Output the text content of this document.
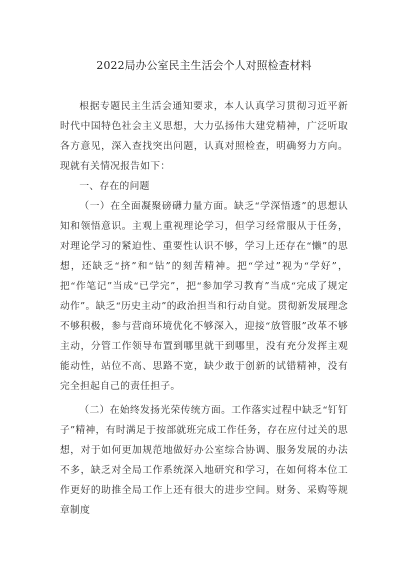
2022局办公室民主生活会个人对照检查材料

根据专题民主生活会通知要求，本人认真学习贯彻习近平新时代中国特色社会主义思想，大力弘扬伟大建党精神，广泛听取各方意见，深入查找突出问题，认真对照检查，明确努力方向。现就有关情况报告如下：

一、存在的问题

（一）在全面凝聚磅礴力量方面。缺乏“学深悟透”的思想认知和领悟意识。主观上重视理论学习，但学习经常服从于任务，对理论学习的紧迫性、重要性认识不够，学习上还存在“懒”的思想，还缺乏“挤”和“钻”的刻苦精神。把“学过”视为“学好”，把“作笔记”当成“已学完”，把“参加学习教育”当成“完成了规定动作”。缺乏“历史主动”的政治担当和行动自觉。贯彻新发展理念不够积极，参与营商环境优化不够深入，迎接“放管服”改革不够主动，分管工作领导布置到哪里就干到哪里，没有充分发挥主观能动性，站位不高、思路不宽，缺少敢于创新的试错精神，没有完全担起自己的责任担子。

（二）在始终发扬光荣传统方面。工作落实过程中缺乏“钉钉子”精神，有时满足于按部就班完成工作任务，存在应付过关的思想，对于如何更加规范地做好办公室综合协调、服务发展的办法不多，缺乏对全局工作系统深入地研究和学习，在如何将本位工作更好的助推全局工作上还有很大的进步空间。财务、采购等规章制度
